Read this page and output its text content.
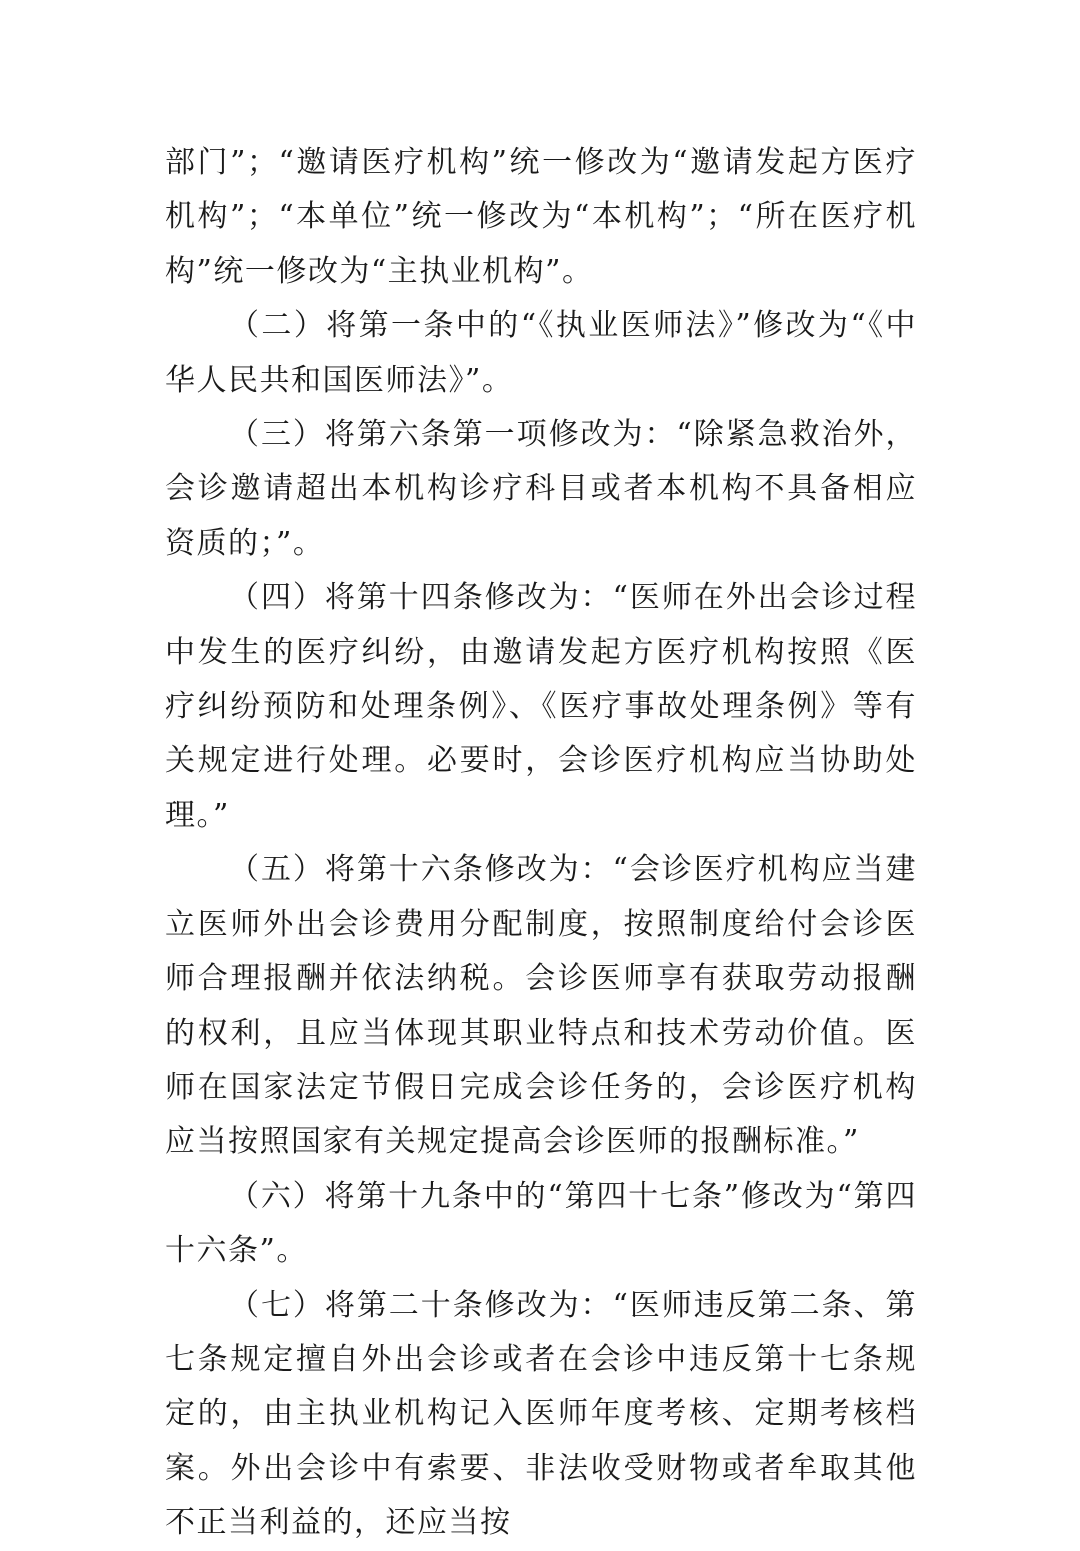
部门”；“邀请医疗机构”统一修改为“邀请发起方医疗机构”；“本单位”统一修改为“本机构”；“所在医疗机构”统一修改为“主执业机构”。

（二）将第一条中的“《执业医师法》”修改为“《中华人民共和国医师法》”。

（三）将第六条第一项修改为：“除紧急救治外，会诊邀请超出本机构诊疗科目或者本机构不具备相应资质的；”。

（四）将第十四条修改为：“医师在外出会诊过程中发生的医疗纠纷，由邀请发起方医疗机构按照《医疗纠纷预防和处理条例》、《医疗事故处理条例》等有关规定进行处理。必要时，会诊医疗机构应当协助处理。”

（五）将第十六条修改为：“会诊医疗机构应当建立医师外出会诊费用分配制度，按照制度给付会诊医师合理报酬并依法纳税。会诊医师享有获取劳动报酬的权利，且应当体现其职业特点和技术劳动价值。医师在国家法定节假日完成会诊任务的，会诊医疗机构应当按照国家有关规定提高会诊医师的报酬标准。”

（六）将第十九条中的“第四十七条”修改为“第四十六条”。

（七）将第二十条修改为：“医师违反第二条、第七条规定擅自外出会诊或者在会诊中违反第十七条规定的，由主执业机构记入医师年度考核、定期考核档案。外出会诊中有索要、非法收受财物或者牟取其他不正当利益的，还应当按
